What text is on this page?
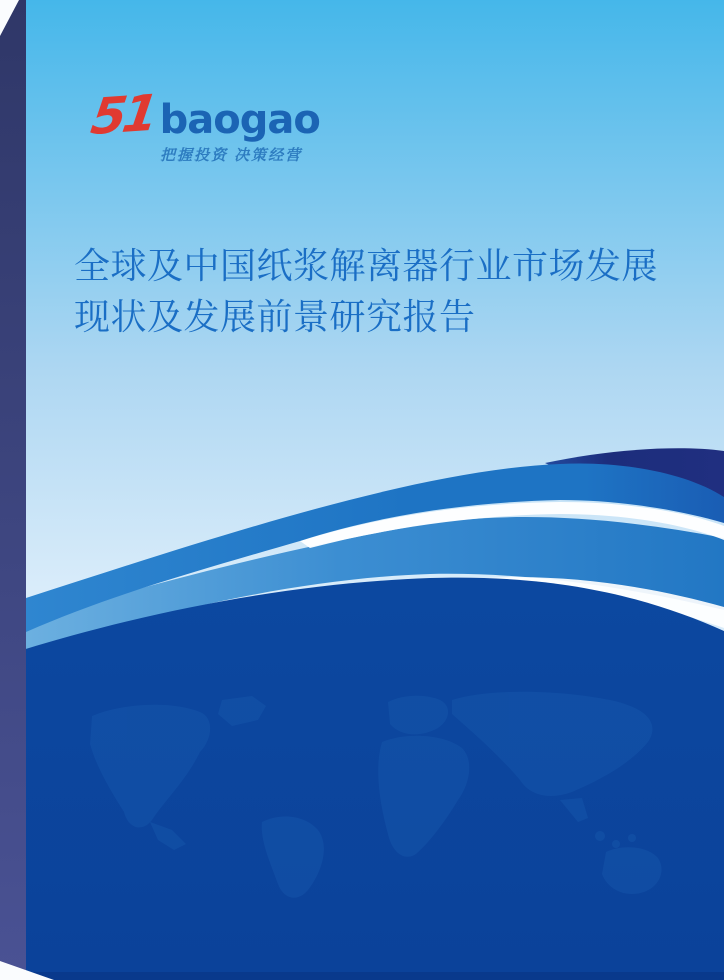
51 baogao
把握投资 决策经营
全球及中国纸浆解离器行业市场发展
现状及发展前景研究报告
